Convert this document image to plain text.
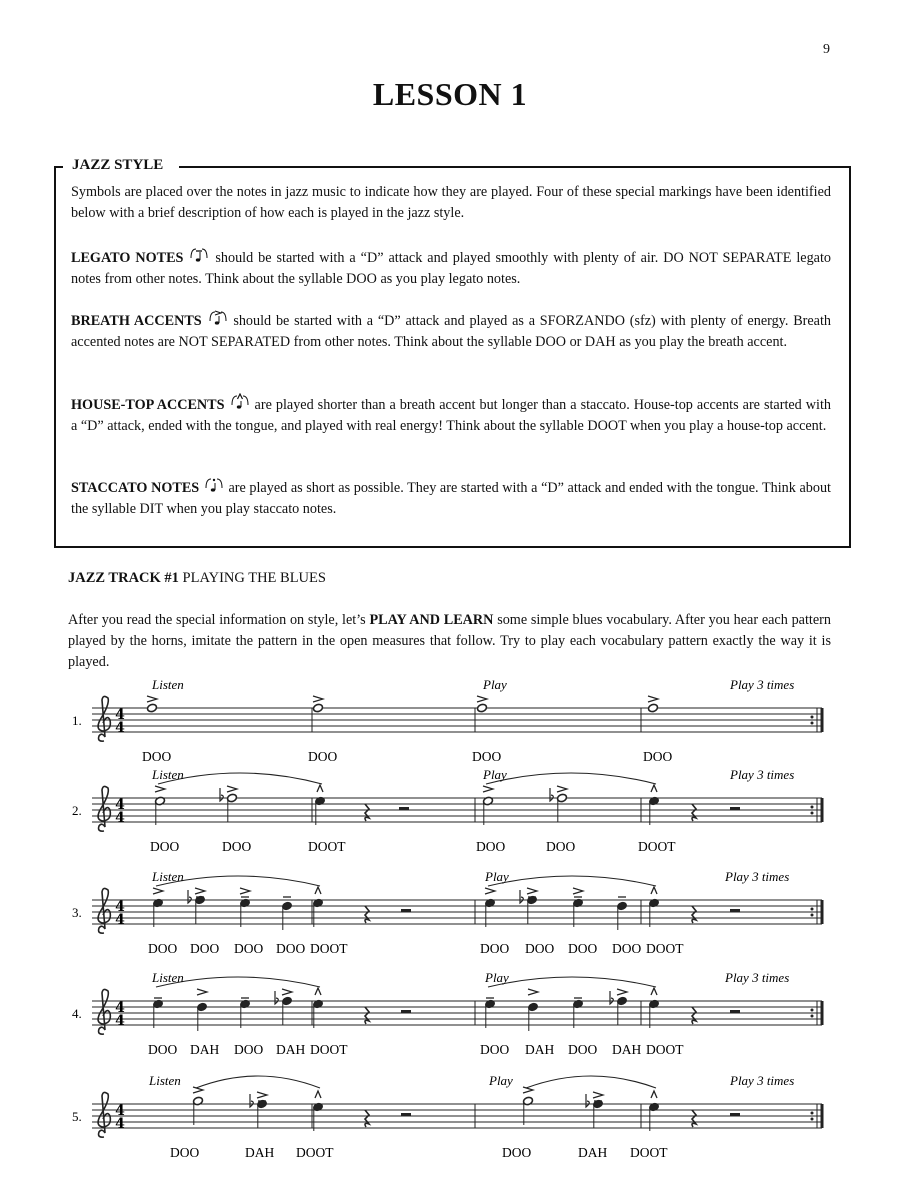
9
LESSON 1
JAZZ STYLE

Symbols are placed over the notes in jazz music to indicate how they are played. Four of these special markings have been identified below with a brief description of how each is played in the jazz style.

LEGATO NOTES should be started with a “D” attack and played smoothly with plenty of air. DO NOT SEPARATE legato notes from other notes. Think about the syllable DOO as you play legato notes.

BREATH ACCENTS should be started with a “D” attack and played as a SFORZANDO (sfz) with plenty of energy. Breath accented notes are NOT SEPARATED from other notes. Think about the syllable DOO or DAH as you play the breath accent.

HOUSE-TOP ACCENTS are played shorter than a breath accent but longer than a staccato. House-top accents are started with a “D” attack, ended with the tongue, and played with real energy! Think about the syllable DOOT when you play a house-top accent.

STACCATO NOTES are played as short as possible. They are started with a “D” attack and ended with the tongue. Think about the syllable DIT when you play staccato notes.

JAZZ TRACK #1 PLAYING THE BLUES

After you read the special information on style, let’s PLAY AND LEARN some simple blues vocabulary. After you hear each pattern played by the horns, imitate the pattern in the open measures that follow. Try to play each vocabulary pattern exactly the way it is played.

4
4
1.
Listen	Play	Play 3 times
DOO	DOO	DOO	DOO
4
4
2.
Listen	Play	Play 3 times
DOO	DOO	DOOT	DOO	DOO	DOOT
4
4
3.
Listen	Play	Play 3 times
DOO DOO DOO DOO DOOT	DOO DOO DOO DOO DOOT
4
4
4.
Listen	Play	Play 3 times
DOO DAH DOO DAH DOOT	DOO DAH DOO DAH DOOT
4
4
5.
Listen	Play	Play 3 times
DOO	DAH DOOT	DOO	DAH DOOT
